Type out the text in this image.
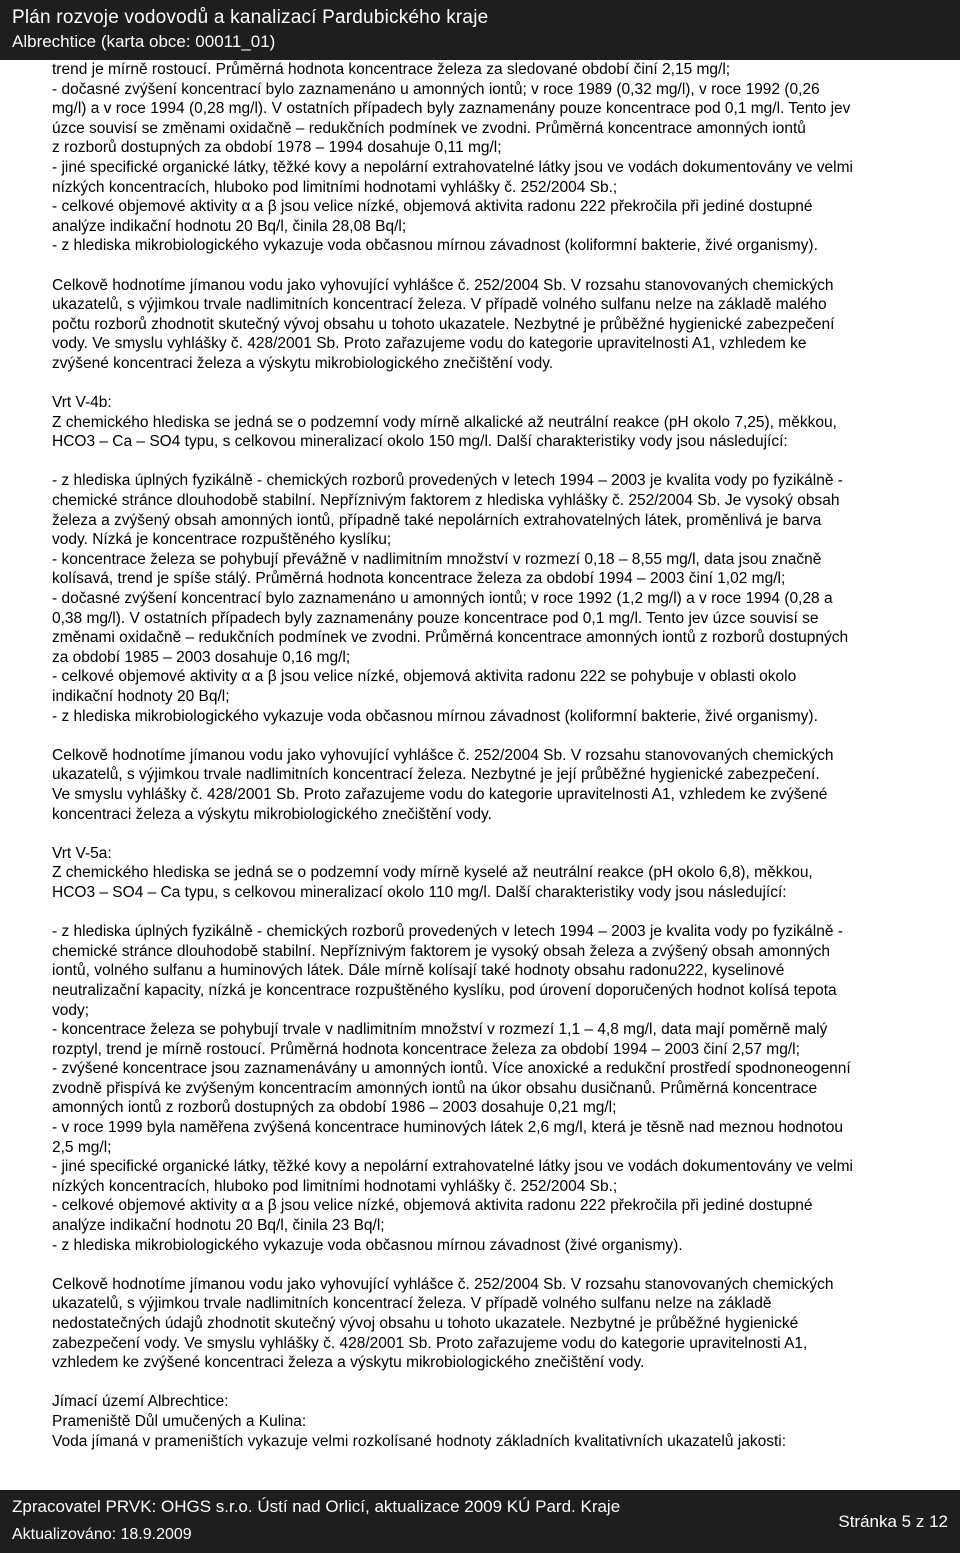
Plán rozvoje vodovodů a kanalizací Pardubického kraje
Albrechtice (karta obce: 00011_01)
trend je mírně rostoucí. Průměrná hodnota koncentrace železa za sledované období činí 2,15 mg/l;
- dočasné zvýšení koncentrací bylo zaznamenáno u amonných iontů; v roce 1989 (0,32 mg/l), v roce 1992 (0,26
mg/l) a v roce 1994 (0,28 mg/l). V ostatních případech byly zaznamenány pouze koncentrace pod 0,1 mg/l. Tento jev
úzce souvisí se změnami oxidačně – redukčních podmínek ve zvodni. Průměrná koncentrace amonných iontů
z rozborů dostupných za období 1978 – 1994 dosahuje 0,11 mg/l;
- jiné specifické organické látky, těžké kovy a nepolární extrahovatelné látky jsou ve vodách dokumentovány ve velmi
nízkých koncentracích, hluboko pod limitními hodnotami vyhlášky č. 252/2004 Sb.;
- celkové objemové aktivity α a β jsou velice nízké, objemová aktivita radonu 222 překročila při jediné dostupné
analýze indikační hodnotu 20 Bq/l, činila 28,08 Bq/l;
- z hlediska mikrobiologického vykazuje voda občasnou mírnou závadnost (koliformní bakterie, živé organismy).
Celkově hodnotíme jímanou vodu jako vyhovující vyhlášce č. 252/2004 Sb. V rozsahu stanovovaných chemických
ukazatelů, s výjimkou trvale nadlimitních koncentrací železa. V případě volného sulfanu nelze na základě malého
počtu rozborů zhodnotit skutečný vývoj obsahu u tohoto ukazatele. Nezbytné je průběžné hygienické zabezpečení
vody. Ve smyslu vyhlášky č. 428/2001 Sb. Proto zařazujeme vodu do kategorie upravitelnosti A1, vzhledem ke
zvýšené koncentraci železa a výskytu mikrobiologického znečištění vody.
Vrt V-4b:
Z chemického hlediska se jedná se o podzemní vody mírně alkalické až neutrální reakce (pH okolo 7,25), měkkou,
HCO3 – Ca – SO4 typu, s celkovou mineralizací okolo 150 mg/l. Další charakteristiky vody jsou následující:
- z hlediska úplných fyzikálně - chemických rozborů provedených v letech 1994 – 2003 je kvalita vody po fyzikálně -
chemické stránce dlouhodobě stabilní. Nepříznivým faktorem z hlediska vyhlášky č. 252/2004 Sb. Je vysoký obsah
železa a zvýšený obsah amonných iontů, případně také nepolárních extrahovatelných látek, proměnlivá je barva
vody. Nízká je koncentrace rozpuštěného kyslíku;
- koncentrace železa se pohybují převážně v nadlimitním množství v rozmezí 0,18 – 8,55 mg/l, data jsou značně
kolísavá, trend je spíše stálý. Průměrná hodnota koncentrace železa za období 1994 – 2003 činí 1,02 mg/l;
- dočasné zvýšení koncentrací bylo zaznamenáno u amonných iontů; v roce 1992 (1,2 mg/l) a v roce 1994 (0,28 a
0,38 mg/l). V ostatních případech byly zaznamenány pouze koncentrace pod 0,1 mg/l. Tento jev úzce souvisí se
změnami oxidačně – redukčních podmínek ve zvodni. Průměrná koncentrace amonných iontů z rozborů dostupných
za období 1985 – 2003 dosahuje 0,16 mg/l;
- celkové objemové aktivity α a β jsou velice nízké, objemová aktivita radonu 222 se pohybuje v oblasti okolo
indikační hodnoty 20 Bq/l;
- z hlediska mikrobiologického vykazuje voda občasnou mírnou závadnost (koliformní bakterie, živé organismy).
Celkově hodnotíme jímanou vodu jako vyhovující vyhlášce č. 252/2004 Sb. V rozsahu stanovovaných chemických
ukazatelů, s výjimkou trvale nadlimitních koncentrací železa. Nezbytné je její průběžné hygienické zabezpečení.
Ve smyslu vyhlášky č. 428/2001 Sb. Proto zařazujeme vodu do kategorie upravitelnosti A1, vzhledem ke zvýšené
koncentraci železa a výskytu mikrobiologického znečištění vody.
Vrt V-5a:
Z chemického hlediska se jedná se o podzemní vody mírně kyselé až neutrální reakce (pH okolo 6,8), měkkou,
HCO3 – SO4 – Ca typu, s celkovou mineralizací okolo 110 mg/l. Další charakteristiky vody jsou následující:
- z hlediska úplných fyzikálně - chemických rozborů provedených v letech 1994 – 2003 je kvalita vody po fyzikálně -
chemické stránce dlouhodobě stabilní. Nepříznivým faktorem je vysoký obsah železa a zvýšený obsah amonných
iontů, volného sulfanu a huminových látek. Dále mírně kolísají také hodnoty obsahu radonu222, kyselinové
neutralizační kapacity, nízká je koncentrace rozpuštěného kyslíku, pod úrovení doporučených hodnot kolísá tepota
vody;
- koncentrace železa se pohybují trvale v nadlimitním množství v rozmezí 1,1 – 4,8 mg/l, data mají poměrně malý
rozptyl, trend je mírně rostoucí. Průměrná hodnota koncentrace železa za období 1994 – 2003 činí 2,57 mg/l;
- zvýšené koncentrace jsou zaznamenávány u amonných iontů. Více anoxické a redukční prostředí spodnoneogenní
zvodně přispívá ke zvýšeným koncentracím amonných iontů na úkor obsahu dusičnanů. Průměrná koncentrace
amonných iontů z rozborů dostupných za období 1986 – 2003 dosahuje 0,21 mg/l;
- v roce 1999 byla naměřena zvýšená koncentrace huminových látek 2,6 mg/l, která je těsně nad meznou hodnotou
2,5 mg/l;
- jiné specifické organické látky, těžké kovy a nepolární extrahovatelné látky jsou ve vodách dokumentovány ve velmi
nízkých koncentracích, hluboko pod limitními hodnotami vyhlášky č. 252/2004 Sb.;
- celkové objemové aktivity α a β jsou velice nízké, objemová aktivita radonu 222 překročila při jediné dostupné
analýze indikační hodnotu 20 Bq/l, činila 23 Bq/l;
- z hlediska mikrobiologického vykazuje voda občasnou mírnou závadnost (živé organismy).
Celkově hodnotíme jímanou vodu jako vyhovující vyhlášce č. 252/2004 Sb. V rozsahu stanovovaných chemických
ukazatelů, s výjimkou trvale nadlimitních koncentrací železa. V případě volného sulfanu nelze na základě
nedostatečných údajů zhodnotit skutečný vývoj obsahu u tohoto ukazatele. Nezbytné je průběžné hygienické
zabezpečení vody. Ve smyslu vyhlášky č. 428/2001 Sb. Proto zařazujeme vodu do kategorie upravitelnosti A1,
vzhledem ke zvýšené koncentraci železa a výskytu mikrobiologického znečištění vody.
Jímací území Albrechtice:
Prameniště Důl umučených a Kulina:
Voda jímaná v prameništích vykazuje velmi rozkolísané hodnoty základních kvalitativních ukazatelů jakosti:
Zpracovatel PRVK: OHGS s.r.o. Ústí nad Orlicí, aktualizace 2009 KÚ Pard. Kraje
Aktualizováno: 18.9.2009
Stránka 5 z 12
